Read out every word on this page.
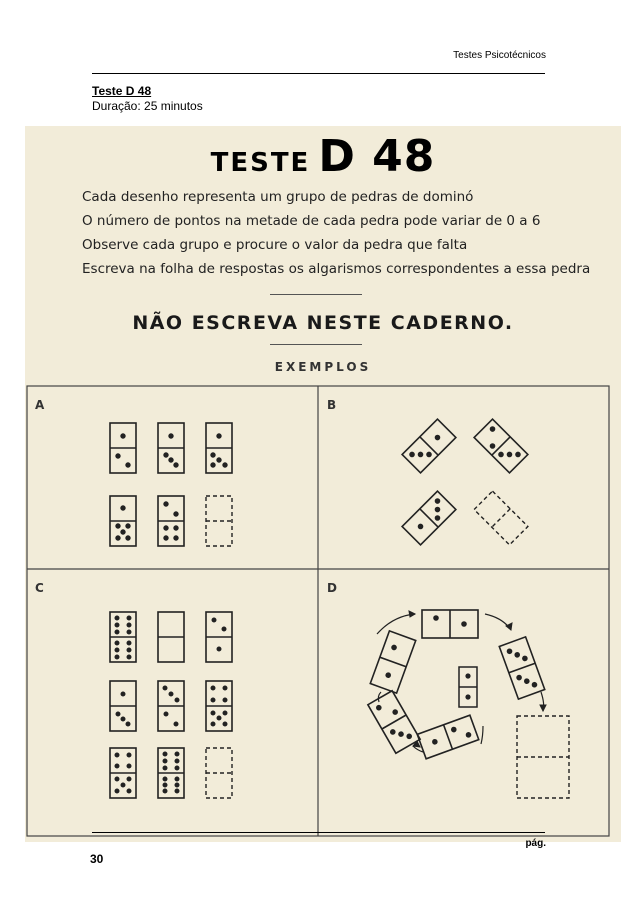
Testes Psicotécnicos
Teste D 48
Duração: 25 minutos
TESTE D 48
Cada desenho representa um grupo de pedras de dominó
O número de pontos na metade de cada pedra pode variar de 0 a 6
Observe cada grupo e procure o valor da pedra que falta
Escreva na folha de respostas os algarismos correspondentes a essa pedra
NÃO ESCREVA NESTE CADERNO.
EXEMPLOS
A	B
C	D
pág.
30
